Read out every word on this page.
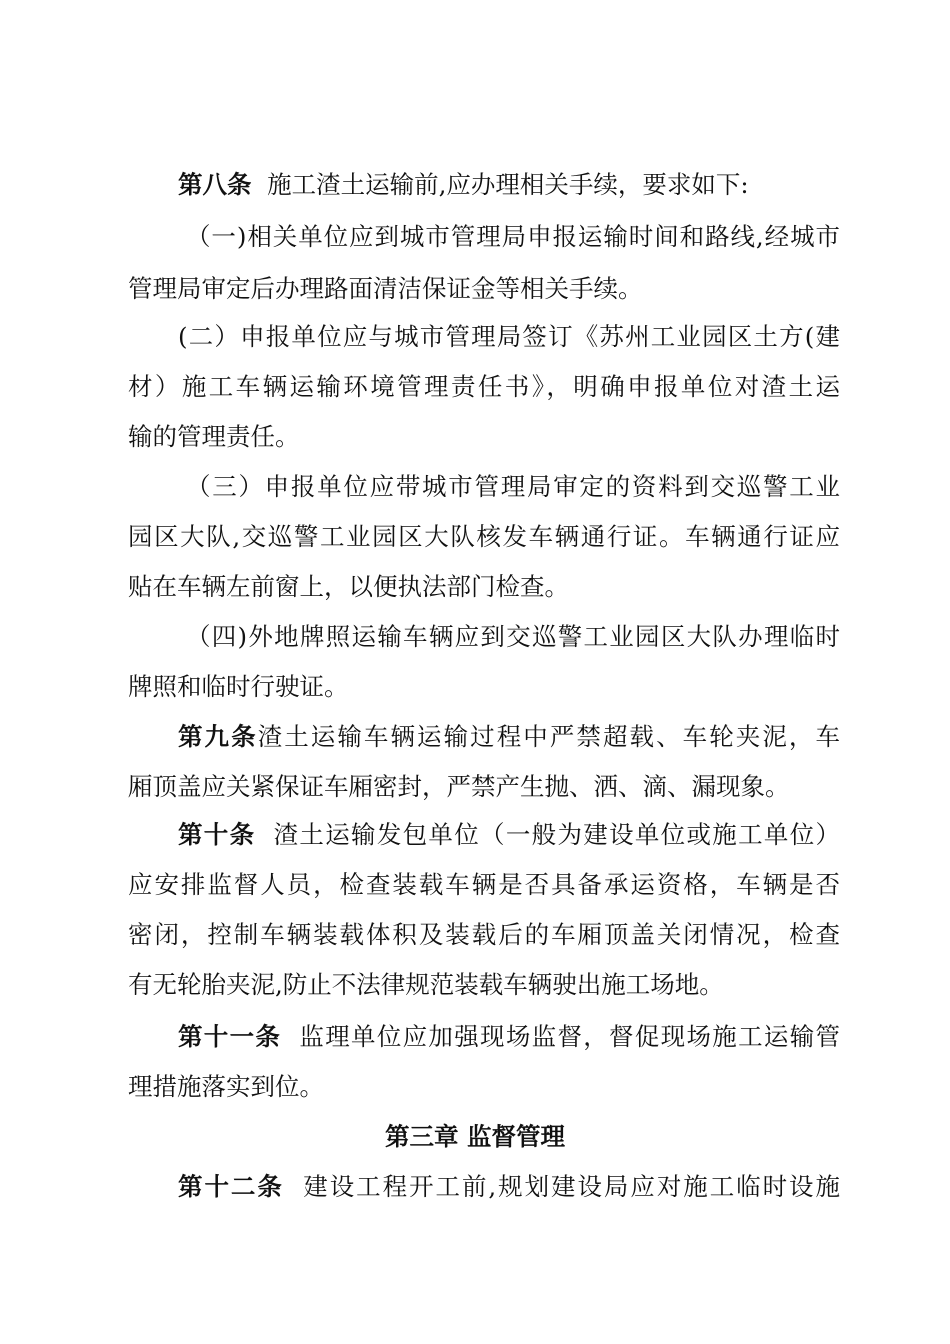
第八条 施工渣土运输前,应办理相关手续，要求如下:
（一)相关单位应到城市管理局申报运输时间和路线,经城市
管理局审定后办理路面清洁保证金等相关手续。
(二）申报单位应与城市管理局签订《苏州工业园区土方(建
材）施工车辆运输环境管理责任书》，明确申报单位对渣土运
输的管理责任。
（三）申报单位应带城市管理局审定的资料到交巡警工业
园区大队,交巡警工业园区大队核发车辆通行证。车辆通行证应
贴在车辆左前窗上，以便执法部门检查。
（四)外地牌照运输车辆应到交巡警工业园区大队办理临时
牌照和临时行驶证。
第九条渣土运输车辆运输过程中严禁超载、车轮夹泥，车
厢顶盖应关紧保证车厢密封，严禁产生抛、洒、滴、漏现象。
第十条 渣土运输发包单位（一般为建设单位或施工单位）
应安排监督人员，检查装载车辆是否具备承运资格，车辆是否
密闭，控制车辆装载体积及装载后的车厢顶盖关闭情况，检查
有无轮胎夹泥,防止不法律规范装载车辆驶出施工场地。
第十一条 监理单位应加强现场监督，督促现场施工运输管
理措施落实到位。
第三章 监督管理
第十二条 建设工程开工前,规划建设局应对施工临时设施
